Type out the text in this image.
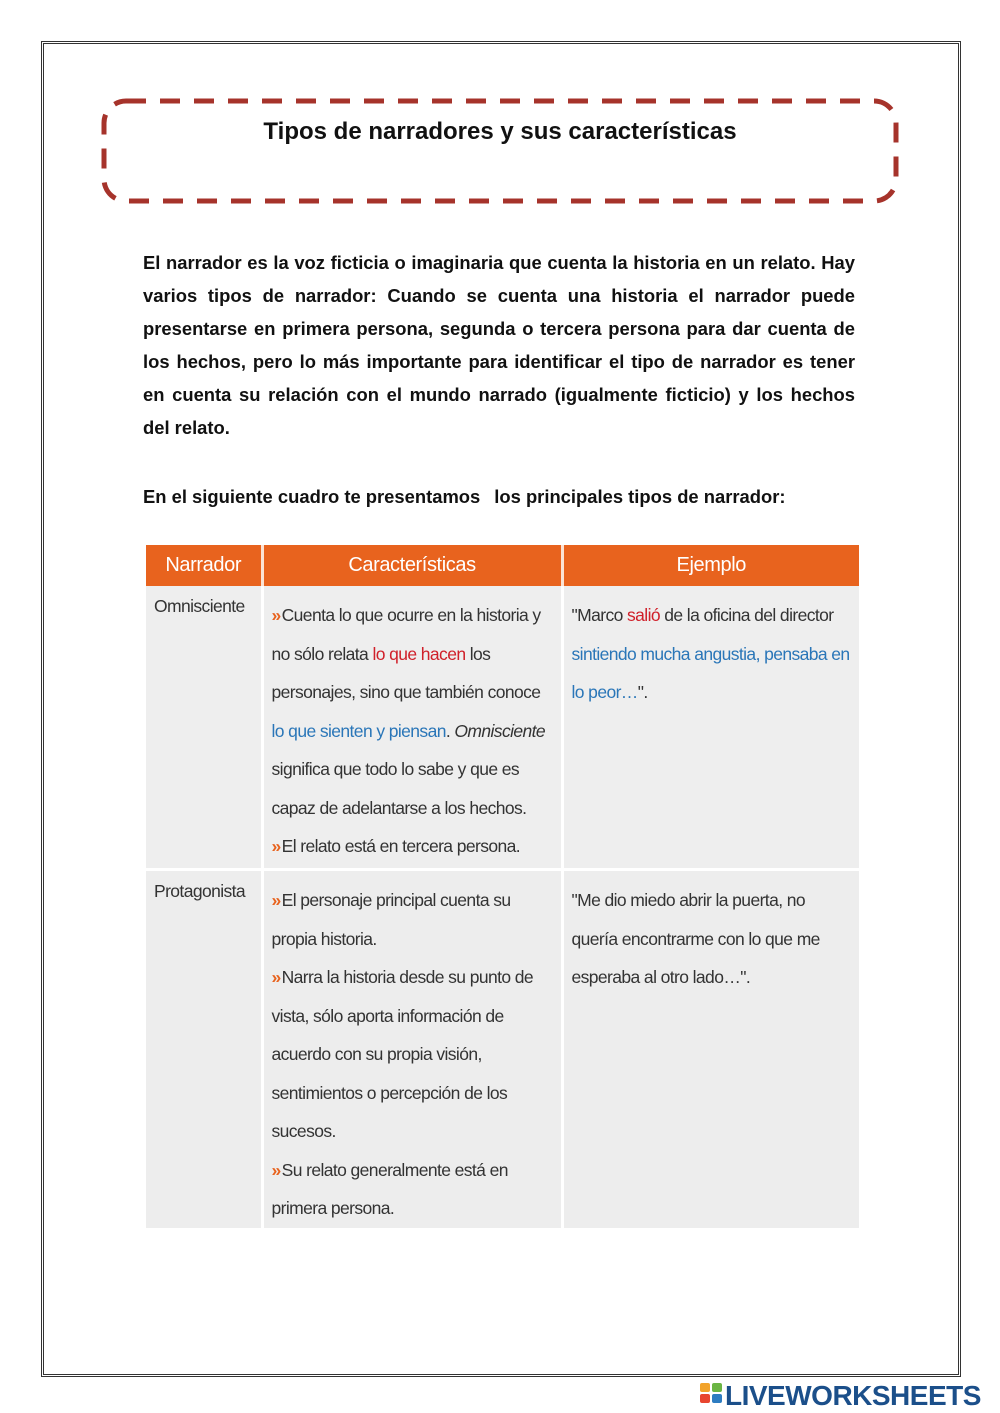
Tipos de narradores y sus características

El narrador es la voz ficticia o imaginaria que cuenta la historia en un relato. Hay varios tipos de narrador: Cuando se cuenta una historia el narrador puede presentarse en primera persona, segunda o tercera persona para dar cuenta de los hechos, pero lo más importante para identificar el tipo de narrador es tener en cuenta su relación con el mundo narrado (igualmente ficticio) y los hechos del relato.

En el siguiente cuadro te presentamos los principales tipos de narrador:

Narrador	Características	Ejemplo
Omnisciente	»Cuenta lo que ocurre en la historia y no sólo relata lo que hacen los personajes, sino que también conoce lo que sienten y piensan. Omnisciente significa que todo lo sabe y que es capaz de adelantarse a los hechos.
»El relato está en tercera persona.	"Marco salió de la oficina del director sintiendo mucha angustia, pensaba en lo peor…".

Protagonista	»El personaje principal cuenta su propia historia.
»Narra la historia desde su punto de vista, sólo aporta información de acuerdo con su propia visión, sentimientos o percepción de los sucesos.
»Su relato generalmente está en primera persona.	"Me dio miedo abrir la puerta, no quería encontrarme con lo que me esperaba al otro lado…".
LIVEWORKSHEETS
